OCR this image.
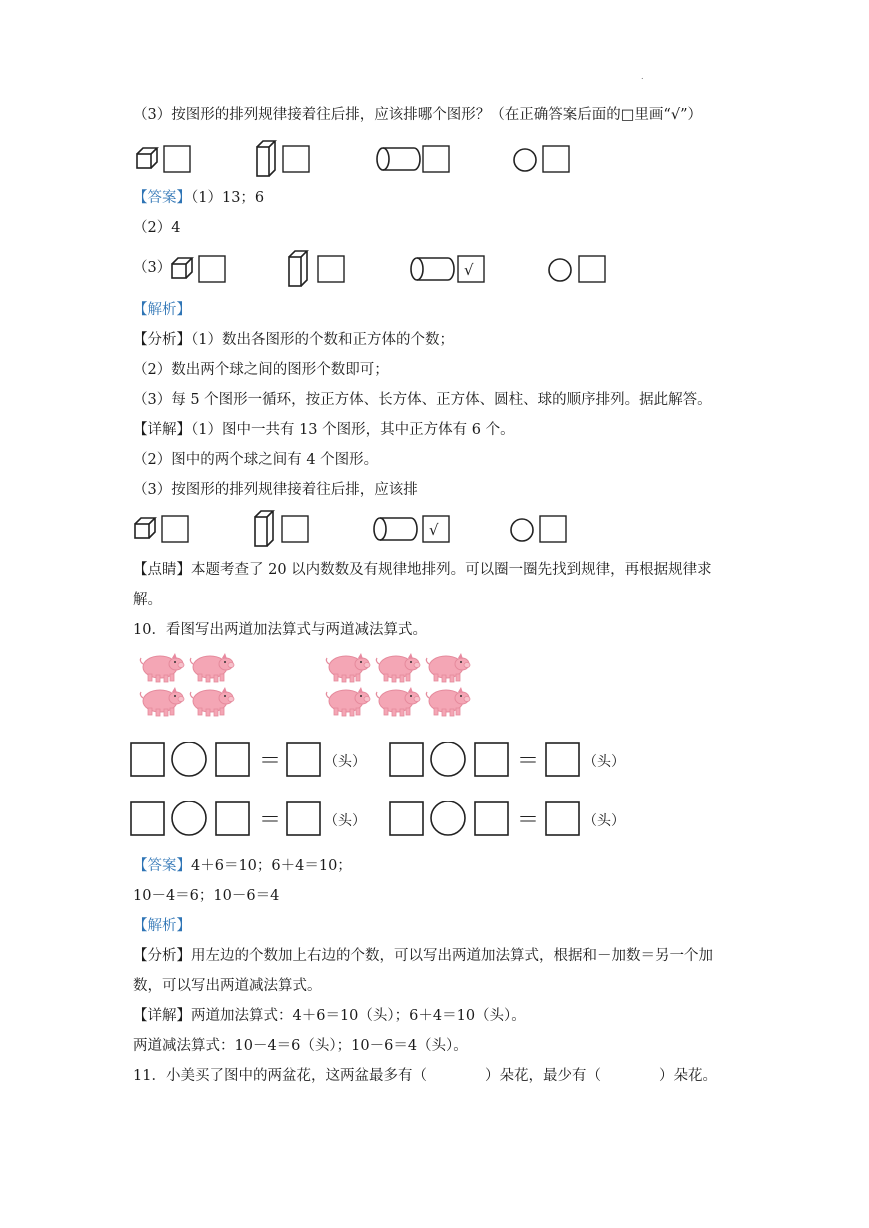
.
（3）按图形的排列规律接着往后排，应该排哪个图形？（在正确答案后面的□里画“√”）
【答案】（1）13；6
（2）4
（3）	√
【解析】
【分析】（1）数出各图形的个数和正方体的个数；
（2）数出两个球之间的图形个数即可；
（3）每 5 个图形一循环，按正方体、长方体、正方体、圆柱、球的顺序排列。据此解答。
【详解】（1）图中一共有 13 个图形，其中正方体有 6 个。
（2）图中的两个球之间有 4 个图形。
（3）按图形的排列规律接着往后排，应该排
√
【点睛】本题考查了 20 以内数数及有规律地排列。可以圈一圈先找到规律，再根据规律求
解。
10．看图写出两道加法算式与两道减法算式。
＝	（头）	＝	（头）
＝	（头）	＝	（头）
【答案】4＋6＝10；6＋4＝10；
10－4＝6；10－6＝4
【解析】
【分析】用左边的个数加上右边的个数，可以写出两道加法算式，根据和－加数＝另一个加
数，可以写出两道减法算式。
【详解】两道加法算式：4＋6＝10（头）；6＋4＝10（头）。
两道减法算式：10－4＝6（头）；10－6＝4（头）。
11．小美买了图中的两盆花，这两盆最多有（　　　　）朵花，最少有（　　　　）朵花。
